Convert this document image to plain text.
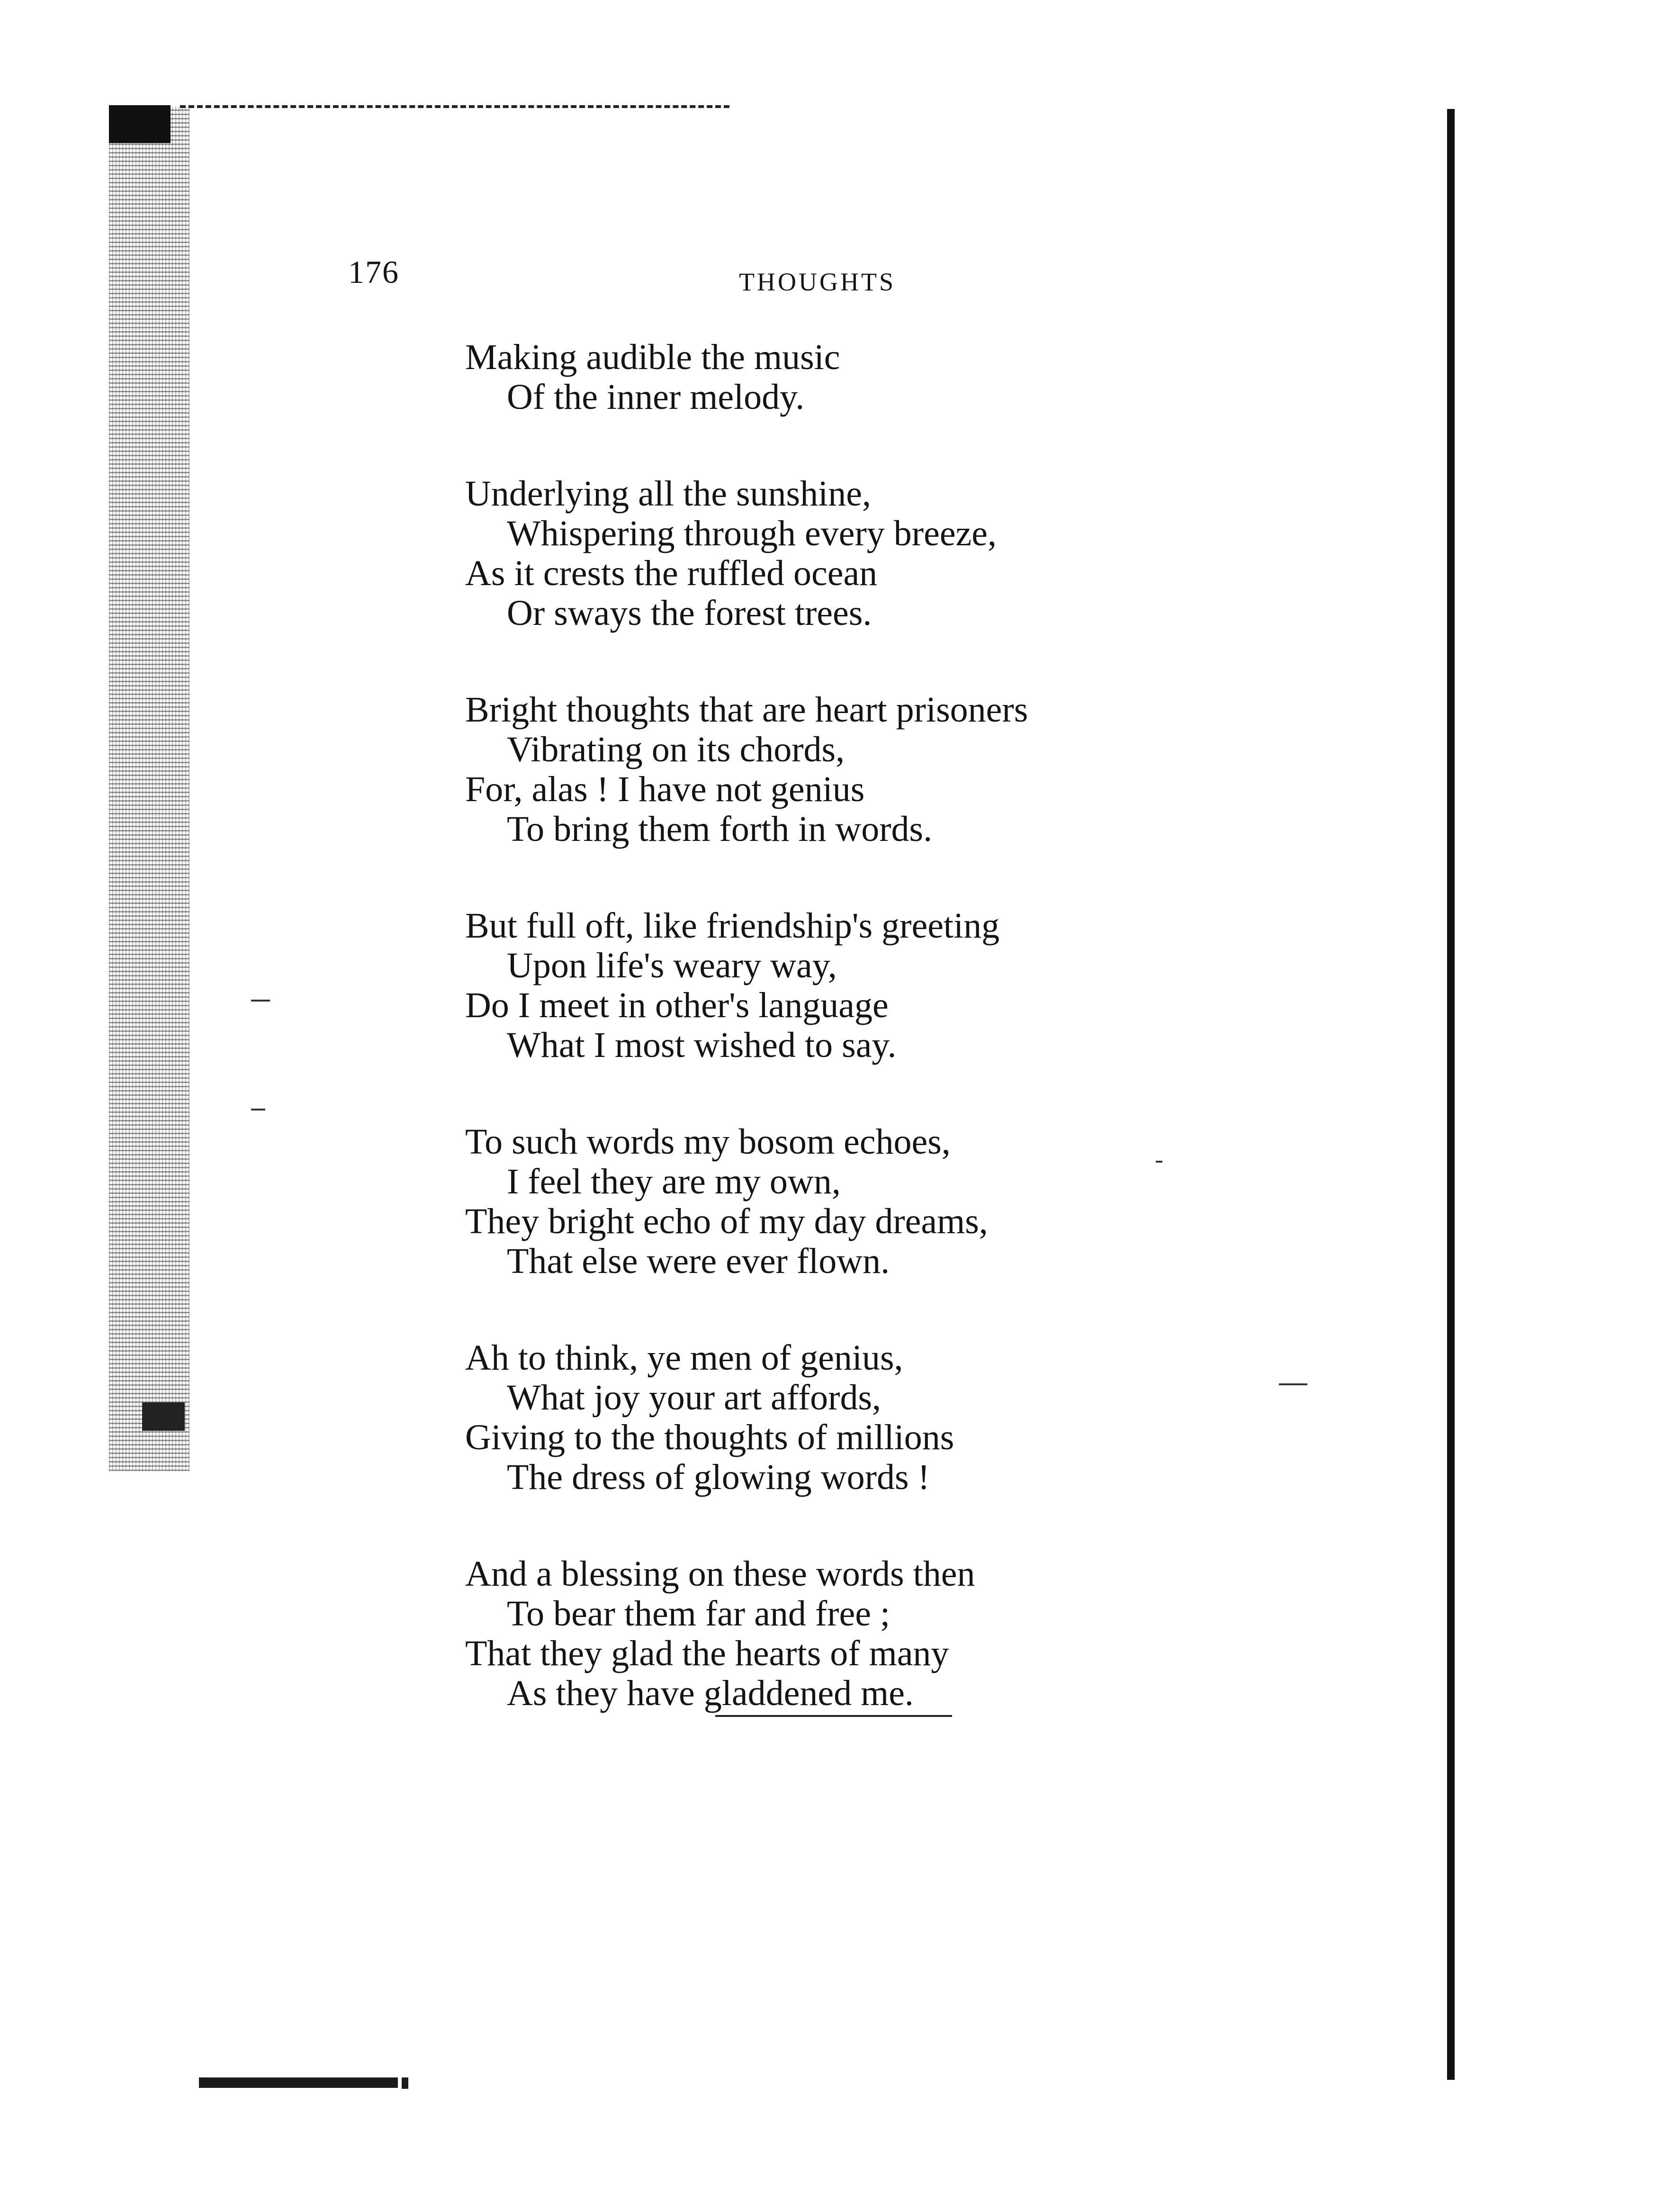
176	THOUGHTS
Making audible the music
Of the inner melody.
Underlying all the sunshine,
Whispering through every breeze,
As it crests the ruffled ocean
Or sways the forest trees.
Bright thoughts that are heart prisoners
Vibrating on its chords,
For, alas ! I have not genius
To bring them forth in words.
But full oft, like friendship's greeting
Upon life's weary way,
Do I meet in other's language
What I most wished to say.
To such words my bosom echoes,
I feel they are my own,
They bright echo of my day dreams,
That else were ever flown.
Ah to think, ye men of genius,
What joy your art affords,
Giving to the thoughts of millions
The dress of glowing words !
And a blessing on these words then
To bear them far and free ;
That they glad the hearts of many
As they have gladdened me.
